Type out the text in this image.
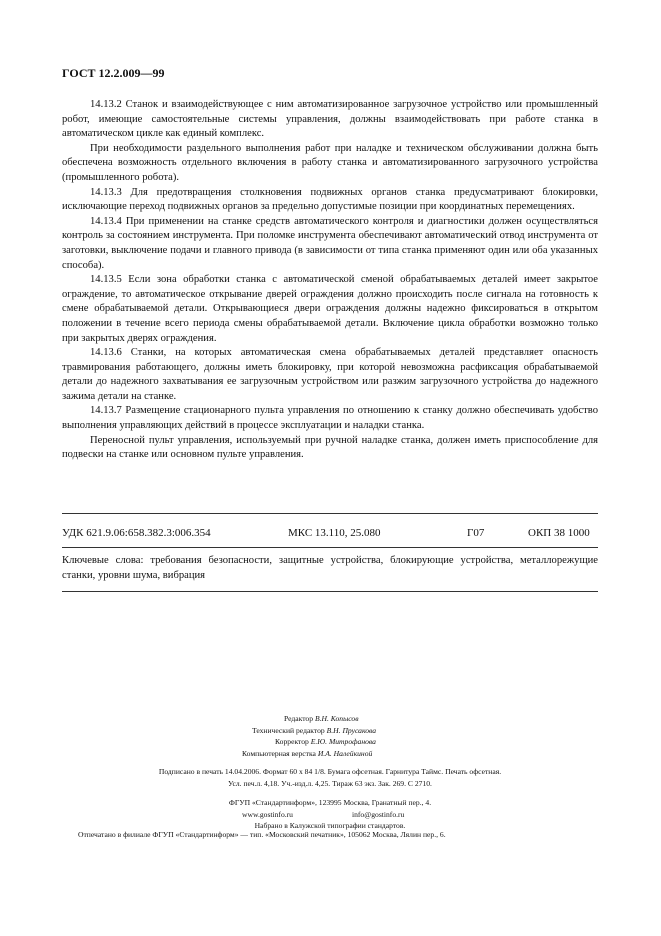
ГОСТ 12.2.009—99

14.13.2 Станок и взаимодействующее с ним автоматизированное загрузочное устройство или промышленный робот, имеющие самостоятельные системы управления, должны взаимодействовать при работе станка в автоматическом цикле как единый комплекс.

При необходимости раздельного выполнения работ при наладке и техническом обслуживании должна быть обеспечена возможность отдельного включения в работу станка и автоматизированного загрузочного устройства (промышленного робота).

14.13.3 Для предотвращения столкновения подвижных органов станка предусматривают блокировки, исключающие переход подвижных органов за предельно допустимые позиции при координатных перемещениях.

14.13.4 При применении на станке средств автоматического контроля и диагностики должен осуществляться контроль за состоянием инструмента. При поломке инструмента обеспечивают автоматический отвод инструмента от заготовки, выключение подачи и главного привода (в зависимости от типа станка применяют один или оба указанных способа).

14.13.5 Если зона обработки станка с автоматической сменой обрабатываемых деталей имеет закрытое ограждение, то автоматическое открывание дверей ограждения должно происходить после сигнала на готовность к смене обрабатываемой детали. Открывающиеся двери ограждения должны надежно фиксироваться в открытом положении в течение всего периода смены обрабатываемой детали. Включение цикла обработки возможно только при закрытых дверях ограждения.

14.13.6 Станки, на которых автоматическая смена обрабатываемых деталей представляет опасность травмирования работающего, должны иметь блокировку, при которой невозможна расфиксация обрабатываемой детали до надежного захватывания ее загрузочным устройством или разжим загрузочного устройства до надежного зажима детали на станке.

14.13.7 Размещение стационарного пульта управления по отношению к станку должно обеспечивать удобство выполнения управляющих действий в процессе эксплуатации и наладки станка.

Переносной пульт управления, используемый при ручной наладке станка, должен иметь приспособление для подвески на станке или основном пульте управления.

УДК 621.9.06:658.382.3:006.354	МКС 13.110, 25.080	Г07	ОКП 38 1000
Ключевые слова: требования безопасности, защитные устройства, блокирующие устройства, металлорежущие станки, уровни шума, вибрация
Редактор В.Н. Копысов
Технический редактор В.Н. Прусакова
Корректор Е.Ю. Митрофанова
Компьютерная верстка И.А. Налейкиной
Подписано в печать 14.04.2006. Формат 60 х 84 1/8. Бумага офсетная. Гарнитура Таймс. Печать офсетная.
Усл. печ.л. 4,18. Уч.-изд.л. 4,25. Тираж 63 экз. Зак. 269. С 2710.
ФГУП «Стандартинформ», 123995 Москва, Гранатный пер., 4.
www.gostinfo.ru	info@gostinfo.ru
Набрано в Калужской типографии стандартов.
Отпечатано в филиале ФГУП «Стандартинформ» — тип. «Московский печатник», 105062 Москва, Лялин пер., 6.
